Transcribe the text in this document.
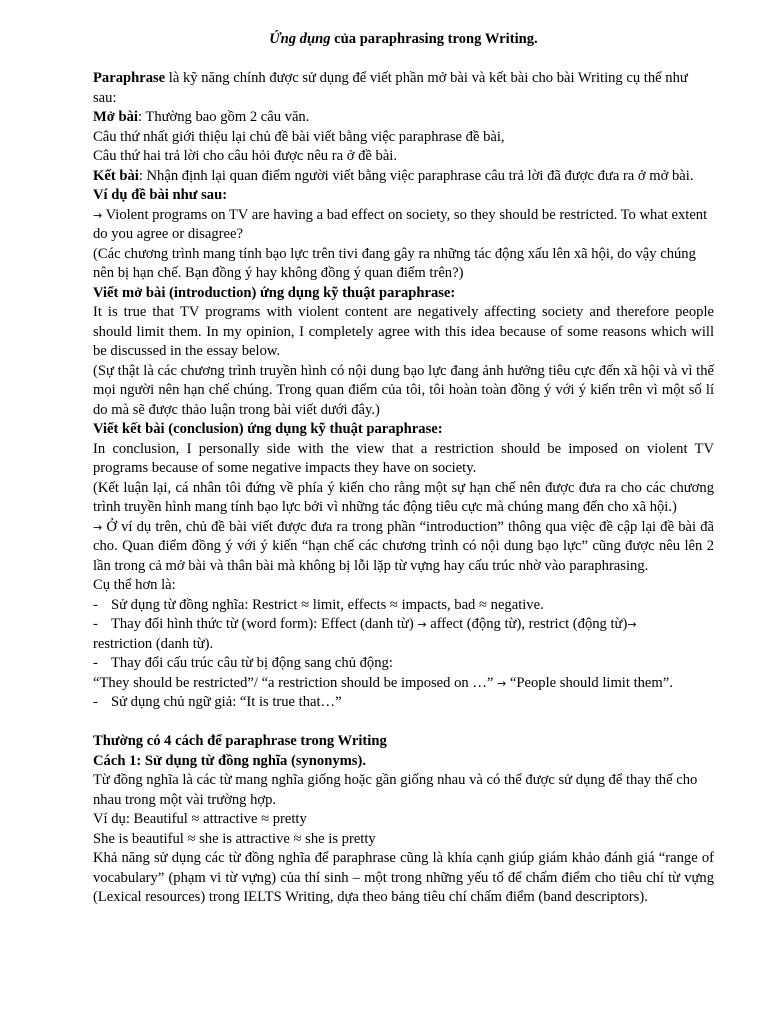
Ứng dụng của paraphrasing trong Writing.

Paraphrase là kỹ năng chính được sử dụng để viết phần mở bài và kết bài cho bài Writing cụ thể như sau:

Mở bài: Thường bao gồm 2 câu văn.

Câu thứ nhất giới thiệu lại chủ đề bài viết bằng việc paraphrase đề bài,

Câu thứ hai trả lời cho câu hỏi được nêu ra ở đề bài.

Kết bài: Nhận định lại quan điểm người viết bằng việc paraphrase câu trả lời đã được đưa ra ở mở bài.

Ví dụ đề bài như sau:

→ Violent programs on TV are having a bad effect on society, so they should be restricted. To what extent do you agree or disagree?

(Các chương trình mang tính bạo lực trên tivi đang gây ra những tác động xấu lên xã hội, do vậy chúng nên bị hạn chế. Bạn đồng ý hay không đồng ý quan điểm trên?)

Viết mở bài (introduction) ứng dụng kỹ thuật paraphrase:

It is true that TV programs with violent content are negatively affecting society and therefore people should limit them. In my opinion, I completely agree with this idea because of some reasons which will be discussed in the essay below.

(Sự thật là các chương trình truyền hình có nội dung bạo lực đang ảnh hưởng tiêu cực đến xã hội và vì thế mọi người nên hạn chế chúng. Trong quan điểm của tôi, tôi hoàn toàn đồng ý với ý kiến trên vì một số lí do mà sẽ được thảo luận trong bài viết dưới đây.)

Viết kết bài (conclusion) ứng dụng kỹ thuật paraphrase:

In conclusion, I personally side with the view that a restriction should be imposed on violent TV programs because of some negative impacts they have on society.

(Kết luận lại, cá nhân tôi đứng về phía ý kiến cho rằng một sự hạn chế nên được đưa ra cho các chương trình truyền hình mang tính bạo lực bởi vì những tác động tiêu cực mà chúng mang đến cho xã hội.)

→ Ở ví dụ trên, chủ đề bài viết được đưa ra trong phần “introduction” thông qua việc đề cập lại đề bài đã cho. Quan điểm đồng ý với ý kiến “hạn chế các chương trình có nội dung bạo lực” cũng được nêu lên 2 lần trong cả mở bài và thân bài mà không bị lỗi lặp từ vựng hay cấu trúc nhờ vào paraphrasing.

Cụ thể hơn là:

- Sử dụng từ đồng nghĩa: Restrict ≈ limit, effects ≈ impacts, bad ≈ negative.

- Thay đổi hình thức từ (word form): Effect (danh từ) → affect (động từ), restrict (động từ)→

restriction (danh từ).

- Thay đổi cấu trúc câu từ bị động sang chủ động:

“They should be restricted”/ “a restriction should be imposed on …” → “People should limit them”.

- Sử dụng chủ ngữ giả: “It is true that…”

Thường có 4 cách để paraphrase trong Writing

Cách 1: Sử dụng từ đồng nghĩa (synonyms).

Từ đồng nghĩa là các từ mang nghĩa giống hoặc gần giống nhau và có thể được sử dụng để thay thế cho nhau trong một vài trường hợp.

Ví dụ: Beautiful ≈ attractive ≈ pretty

She is beautiful ≈ she is attractive ≈ she is pretty

Khả năng sử dụng các từ đồng nghĩa để paraphrase cũng là khía cạnh giúp giám khảo đánh giá “range of vocabulary” (phạm vi từ vựng) của thí sinh – một trong những yếu tố để chấm điểm cho tiêu chí từ vựng (Lexical resources) trong IELTS Writing, dựa theo bảng tiêu chí chấm điểm (band descriptors).
